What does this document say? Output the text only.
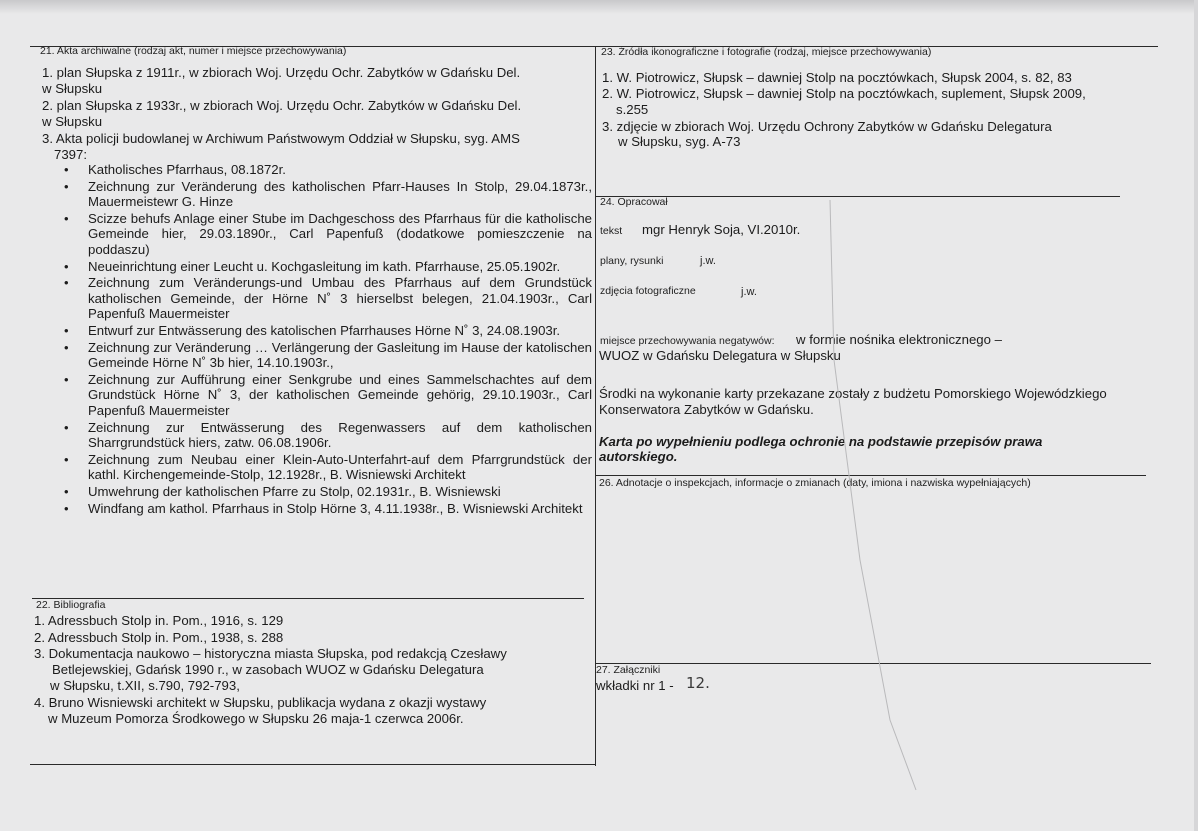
21. Akta archiwalne (rodzaj akt, numer i miejsce przechowywania)
1. plan Słupska z 1911r., w zbiorach Woj. Urzędu Ochr. Zabytków w Gdańsku Del.
w Słupsku
2. plan Słupska z 1933r., w zbiorach Woj. Urzędu Ochr. Zabytków w Gdańsku Del.
w Słupsku
3. Akta policji budowlanej w Archiwum Państwowym Oddział w Słupsku, syg. AMS
7397:
• Katholisches Pfarrhaus, 08.1872r.
• Zeichnung zur Veränderung des katholischen Pfarr-Hauses In Stolp, 29.04.1873r., Mauermeistewr G. Hinze
• Scizze behufs Anlage einer Stube im Dachgeschoss des Pfarrhaus für die katholische Gemeinde hier, 29.03.1890r., Carl Papenfuß (dodatkowe pomieszczenie na poddaszu)
• Neueinrichtung einer Leucht u. Kochgasleitung im kath. Pfarrhause, 25.05.1902r.
• Zeichnung zum Veränderungs-und Umbau des Pfarrhaus auf dem Grundstück katholischen Gemeinde, der Hörne N˚ 3 hierselbst belegen, 21.04.1903r., Carl Papenfuß Mauermeister
• Entwurf zur Entwässerung des katolischen Pfarrhauses Hörne N˚ 3, 24.08.1903r.
• Zeichnung zur Veränderung … Verlängerung der Gasleitung im Hause der katolischen Gemeinde Hörne N˚ 3b hier, 14.10.1903r.,
• Zeichnung zur Aufführung einer Senkgrube und eines Sammelschachtes auf dem Grundstück Hörne N˚ 3, der katholischen Gemeinde gehörig, 29.10.1903r., Carl Papenfuß Mauermeister
• Zeichnung zur Entwässerung des Regenwassers auf dem katholischen Sharrgrundstück hiers, zatw. 06.08.1906r.
• Zeichnung zum Neubau einer Klein-Auto-Unterfahrt-auf dem Pfarrgrundstück der kathl. Kirchengemeinde-Stolp, 12.1928r., B. Wisniewski Architekt
• Umwehrung der katholischen Pfarre zu Stolp, 02.1931r., B. Wisniewski
• Windfang am kathol. Pfarrhaus in Stolp Hörne 3, 4.11.1938r., B. Wisniewski Architekt
22. Bibliografia
1. Adressbuch Stolp in. Pom., 1916, s. 129
2. Adressbuch Stolp in. Pom., 1938, s. 288
3. Dokumentacja naukowo – historyczna miasta Słupska, pod redakcją Czesławy
Betlejewskiej, Gdańsk 1990 r., w zasobach WUOZ w Gdańsku Delegatura
w Słupsku, t.XII, s.790, 792-793,
4. Bruno Wisniewski architekt w Słupsku, publikacja wydana z okazji wystawy
w Muzeum Pomorza Środkowego w Słupsku 26 maja-1 czerwca 2006r.
23. Źródła ikonograficzne i fotografie (rodzaj, miejsce przechowywania)
1. W. Piotrowicz, Słupsk – dawniej Stolp na pocztówkach, Słupsk 2004, s. 82, 83
2. W. Piotrowicz, Słupsk – dawniej Stolp na pocztówkach, suplement, Słupsk 2009,
s.255
3. zdjęcie w zbiorach Woj. Urzędu Ochrony Zabytków w Gdańsku Delegatura
w Słupsku, syg. A-73
24. Opracował
tekst mgr Henryk Soja, VI.2010r.
plany, rysunki	j.w.
zdjęcia fotograficzne	j.w.
miejsce przechowywania negatywów: w formie nośnika elektronicznego –
WUOZ w Gdańsku Delegatura w Słupsku
Środki na wykonanie karty przekazane zostały z budżetu Pomorskiego Wojewódzkiego
Konserwatora Zabytków w Gdańsku.
Karta po wypełnieniu podlega ochronie na podstawie przepisów prawa
autorskiego.
26. Adnotacje o inspekcjach, informacje o zmianach (daty, imiona i nazwiska wypełniających)
27. Załączniki
wkładki nr 1 - 12.
